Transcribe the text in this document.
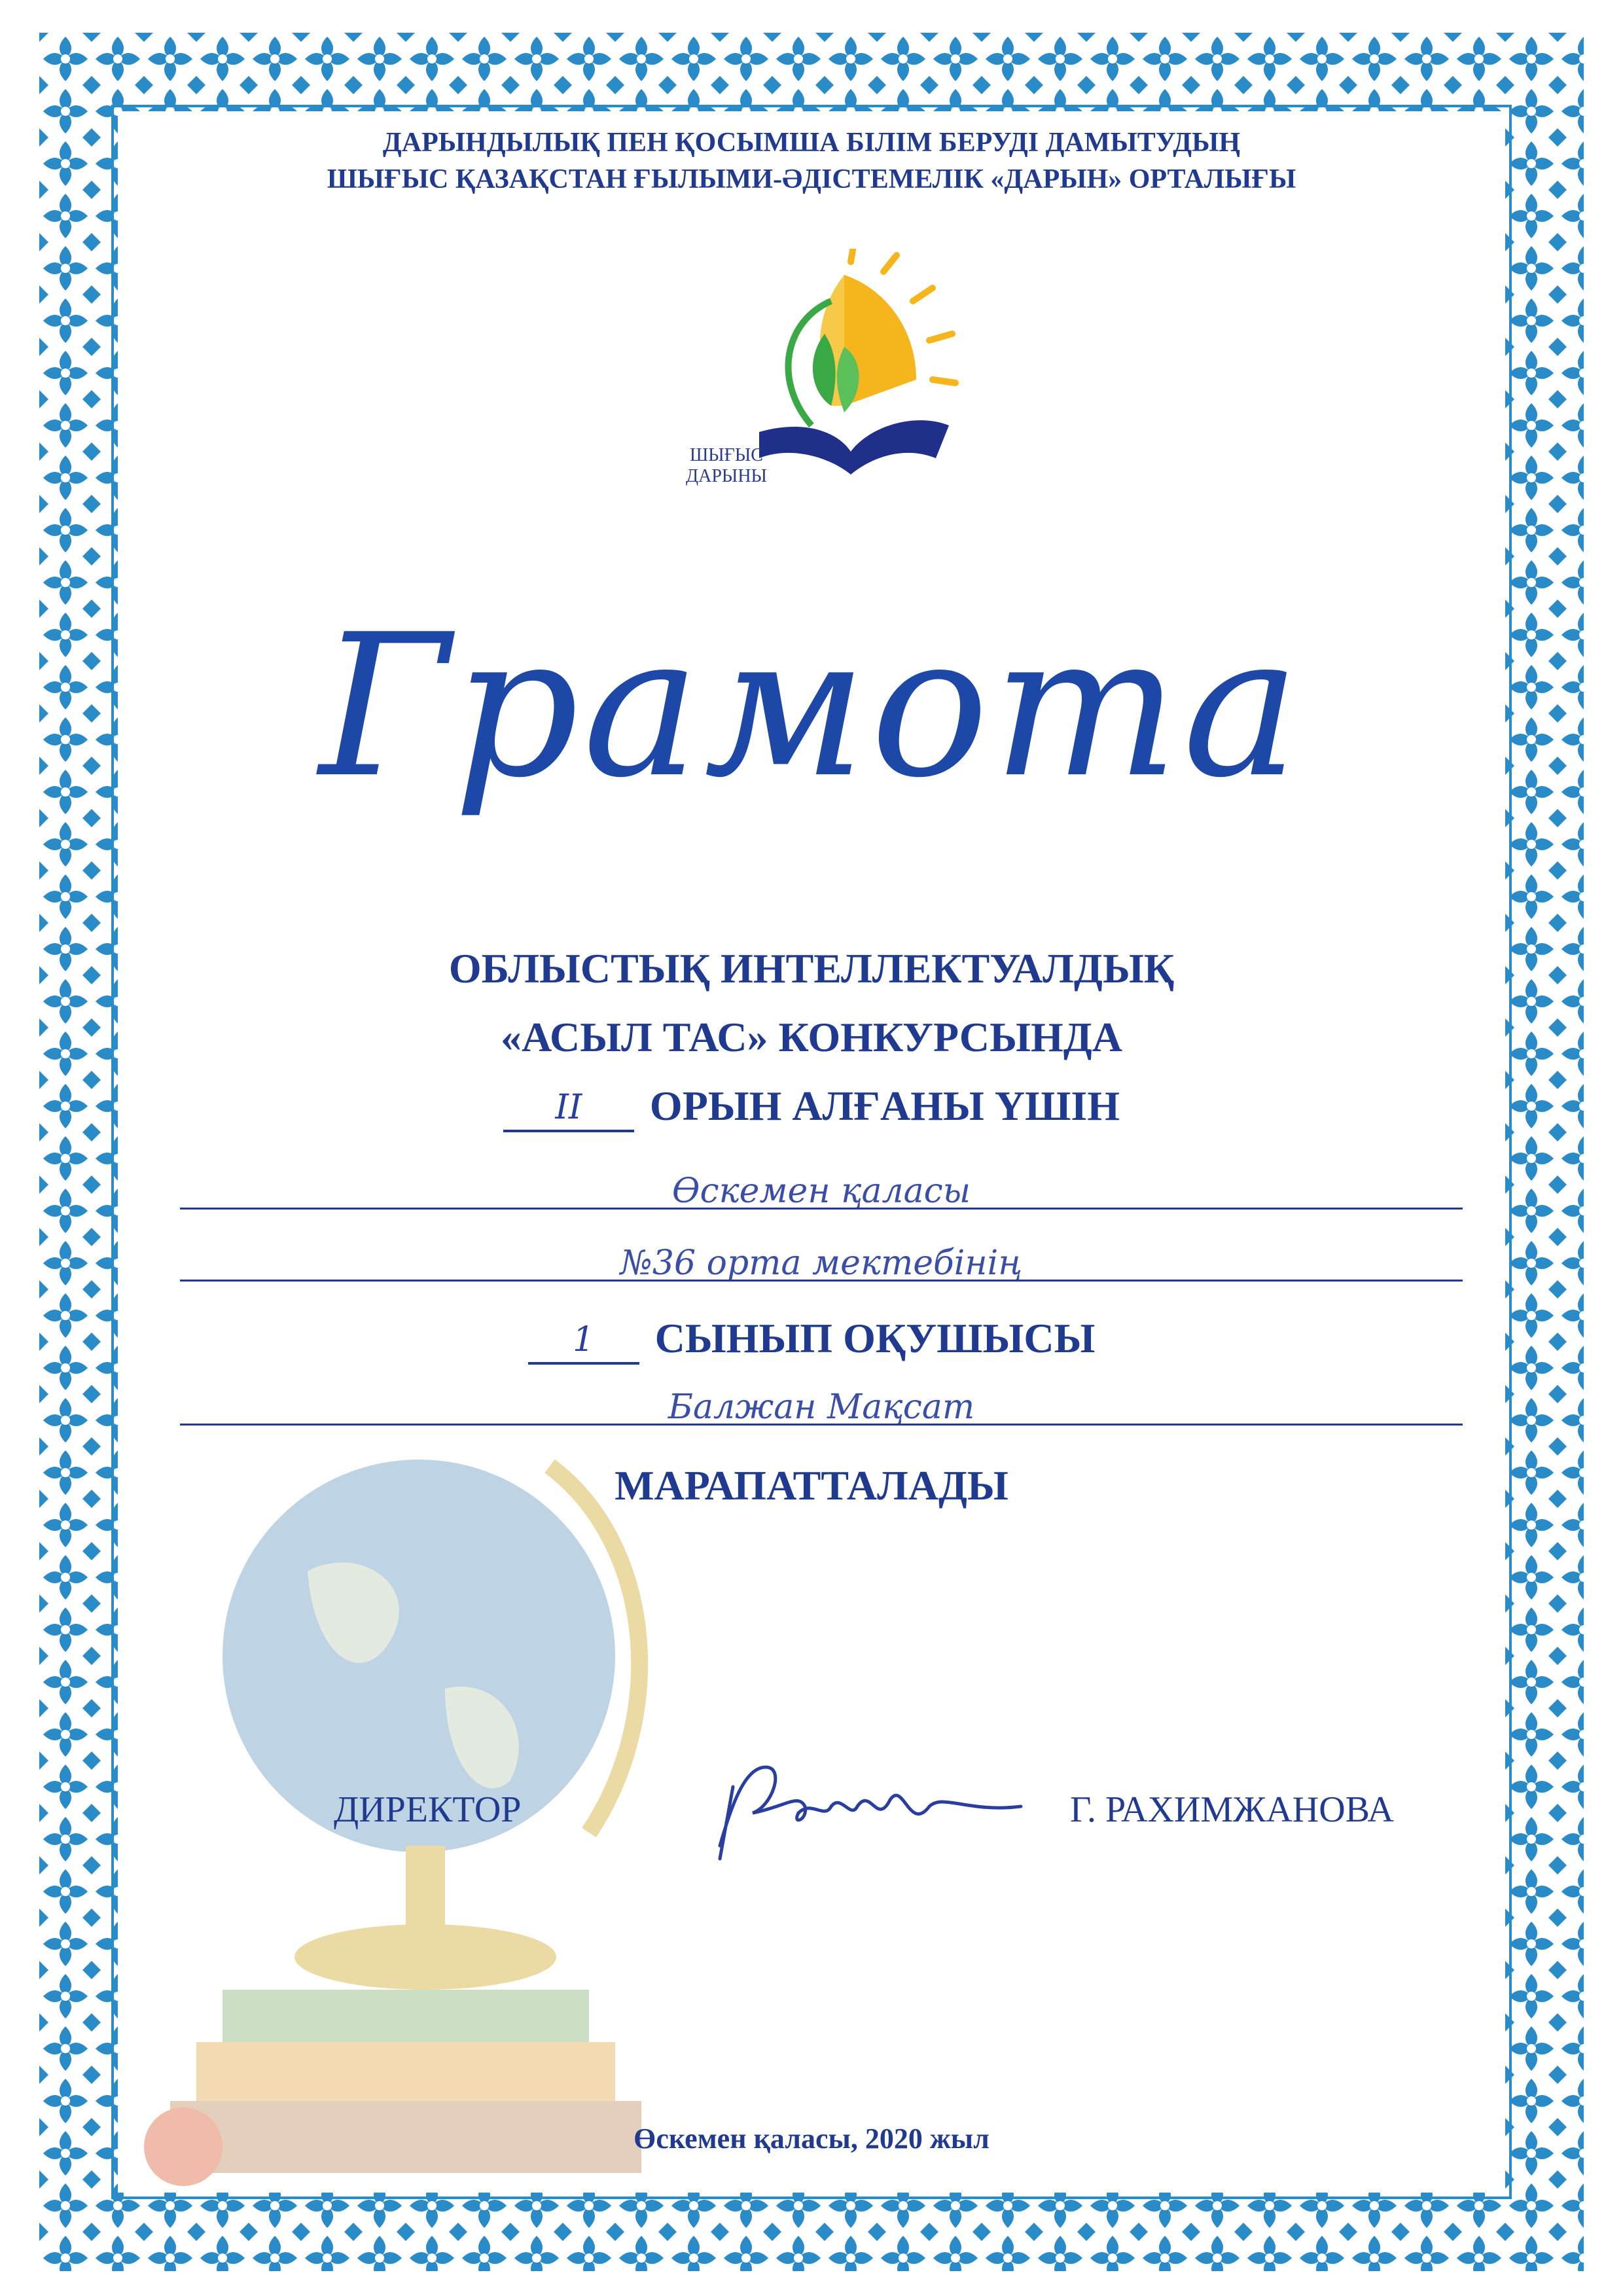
ДАРЫНДЫЛЫҚ ПЕН ҚОСЫМША БІЛІМ БЕРУДІ ДАМЫТУДЫҢ
ШЫҒЫС ҚАЗАҚСТАН ҒЫЛЫМИ-ӘДІСТЕМЕЛІК «ДАРЫН» ОРТАЛЫҒЫ
ШЫҒЫС
ДАРЫНЫ
Грамота
ОБЛЫСТЫҚ ИНТЕЛЛЕКТУАЛДЫҚ
«АСЫЛ ТАС» КОНКУРСЫНДА
II	ОРЫН АЛҒАНЫ ҮШІН
Өскемен қаласы
№36 орта мектебінің
1	СЫНЫП ОҚУШЫСЫ
Балжан Мақсат
МАРАПАТТАЛАДЫ
ДИРЕКТОР	Г. РАХИМЖАНОВА
Өскемен қаласы, 2020 жыл
